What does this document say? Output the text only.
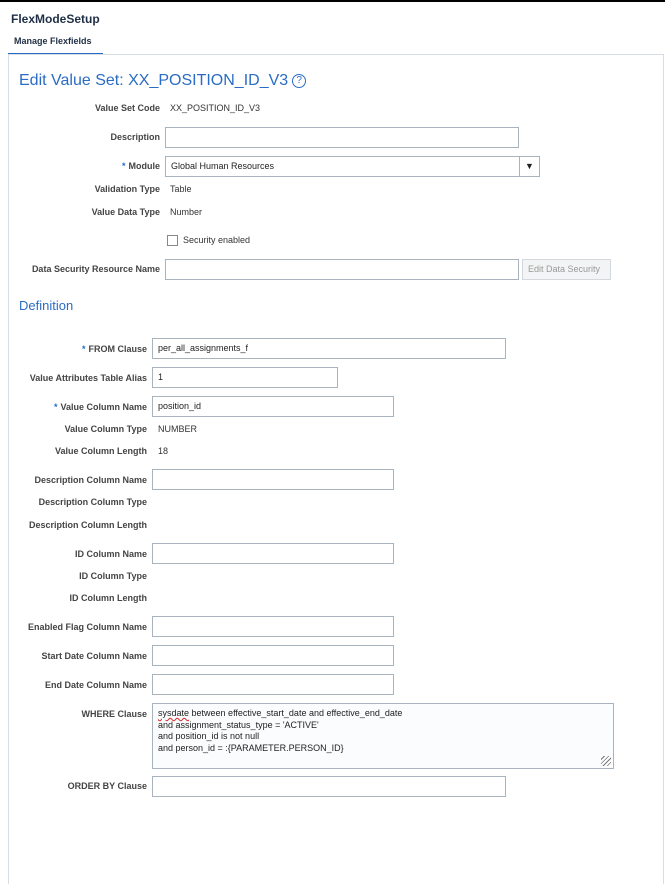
FlexModeSetup
Manage Flexfields
Edit Value Set: XX_POSITION_ID_V3 ?
Value Set Code XX_POSITION_ID_V3
Description
* Module	Global Human Resources	▼
Validation Type Table
Value Data Type Number
Security enabled
Data Security Resource Name	Edit Data Security
Definition
* FROM Clause	per_all_assignments_f
Value Attributes Table Alias	1
* Value Column Name	position_id
Value Column Type NUMBER
Value Column Length 18
Description Column Name
Description Column Type
Description Column Length
ID Column Name
ID Column Type
ID Column Length
Enabled Flag Column Name
Start Date Column Name
End Date Column Name
WHERE Clause	sysdate between effective_start_date and effective_end_date
and assignment_status_type = 'ACTIVE'
and position_id is not null
and person_id = :{PARAMETER.PERSON_ID}
ORDER BY Clause
